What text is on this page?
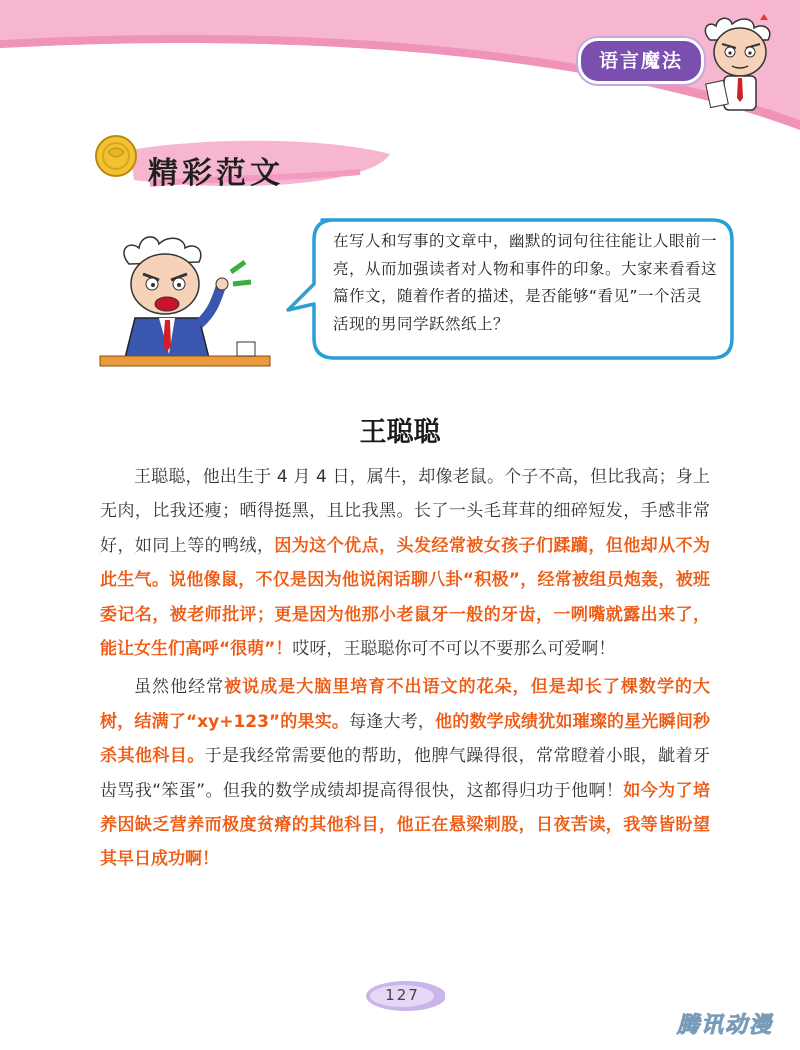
语言魔法
精彩范文
在写人和写事的文章中，幽默的词句往往能让人眼前一亮，从而加强读者对人物和事件的印象。大家来看看这篇作文，随着作者的描述，是否能够“看见”一个活灵活现的男同学跃然纸上？
王聪聪

王聪聪，他出生于 4 月 4 日，属牛，却像老鼠。个子不高，但比我高；身上无肉，比我还瘦；晒得挺黑，且比我黑。长了一头毛茸茸的细碎短发，手感非常好，如同上等的鸭绒，因为这个优点，头发经常被女孩子们蹂躏，但他却从不为此生气。说他像鼠，不仅是因为他说闲话聊八卦“积极”，经常被组员炮轰，被班委记名，被老师批评；更是因为他那小老鼠牙一般的牙齿，一咧嘴就露出来了，能让女生们高呼“很萌”！哎呀，王聪聪你可不可以不要那么可爱啊！

虽然他经常被说成是大脑里培育不出语文的花朵，但是却长了棵数学的大树，结满了“xy+123”的果实。每逢大考，他的数学成绩犹如璀璨的星光瞬间秒杀其他科目。于是我经常需要他的帮助，他脾气躁得很，常常瞪着小眼，龇着牙齿骂我“笨蛋”。但我的数学成绩却提高得很快，这都得归功于他啊！如今为了培养因缺乏营养而极度贫瘠的其他科目，他正在悬梁刺股，日夜苦读，我等皆盼望其早日成功啊！

127
腾讯动漫
